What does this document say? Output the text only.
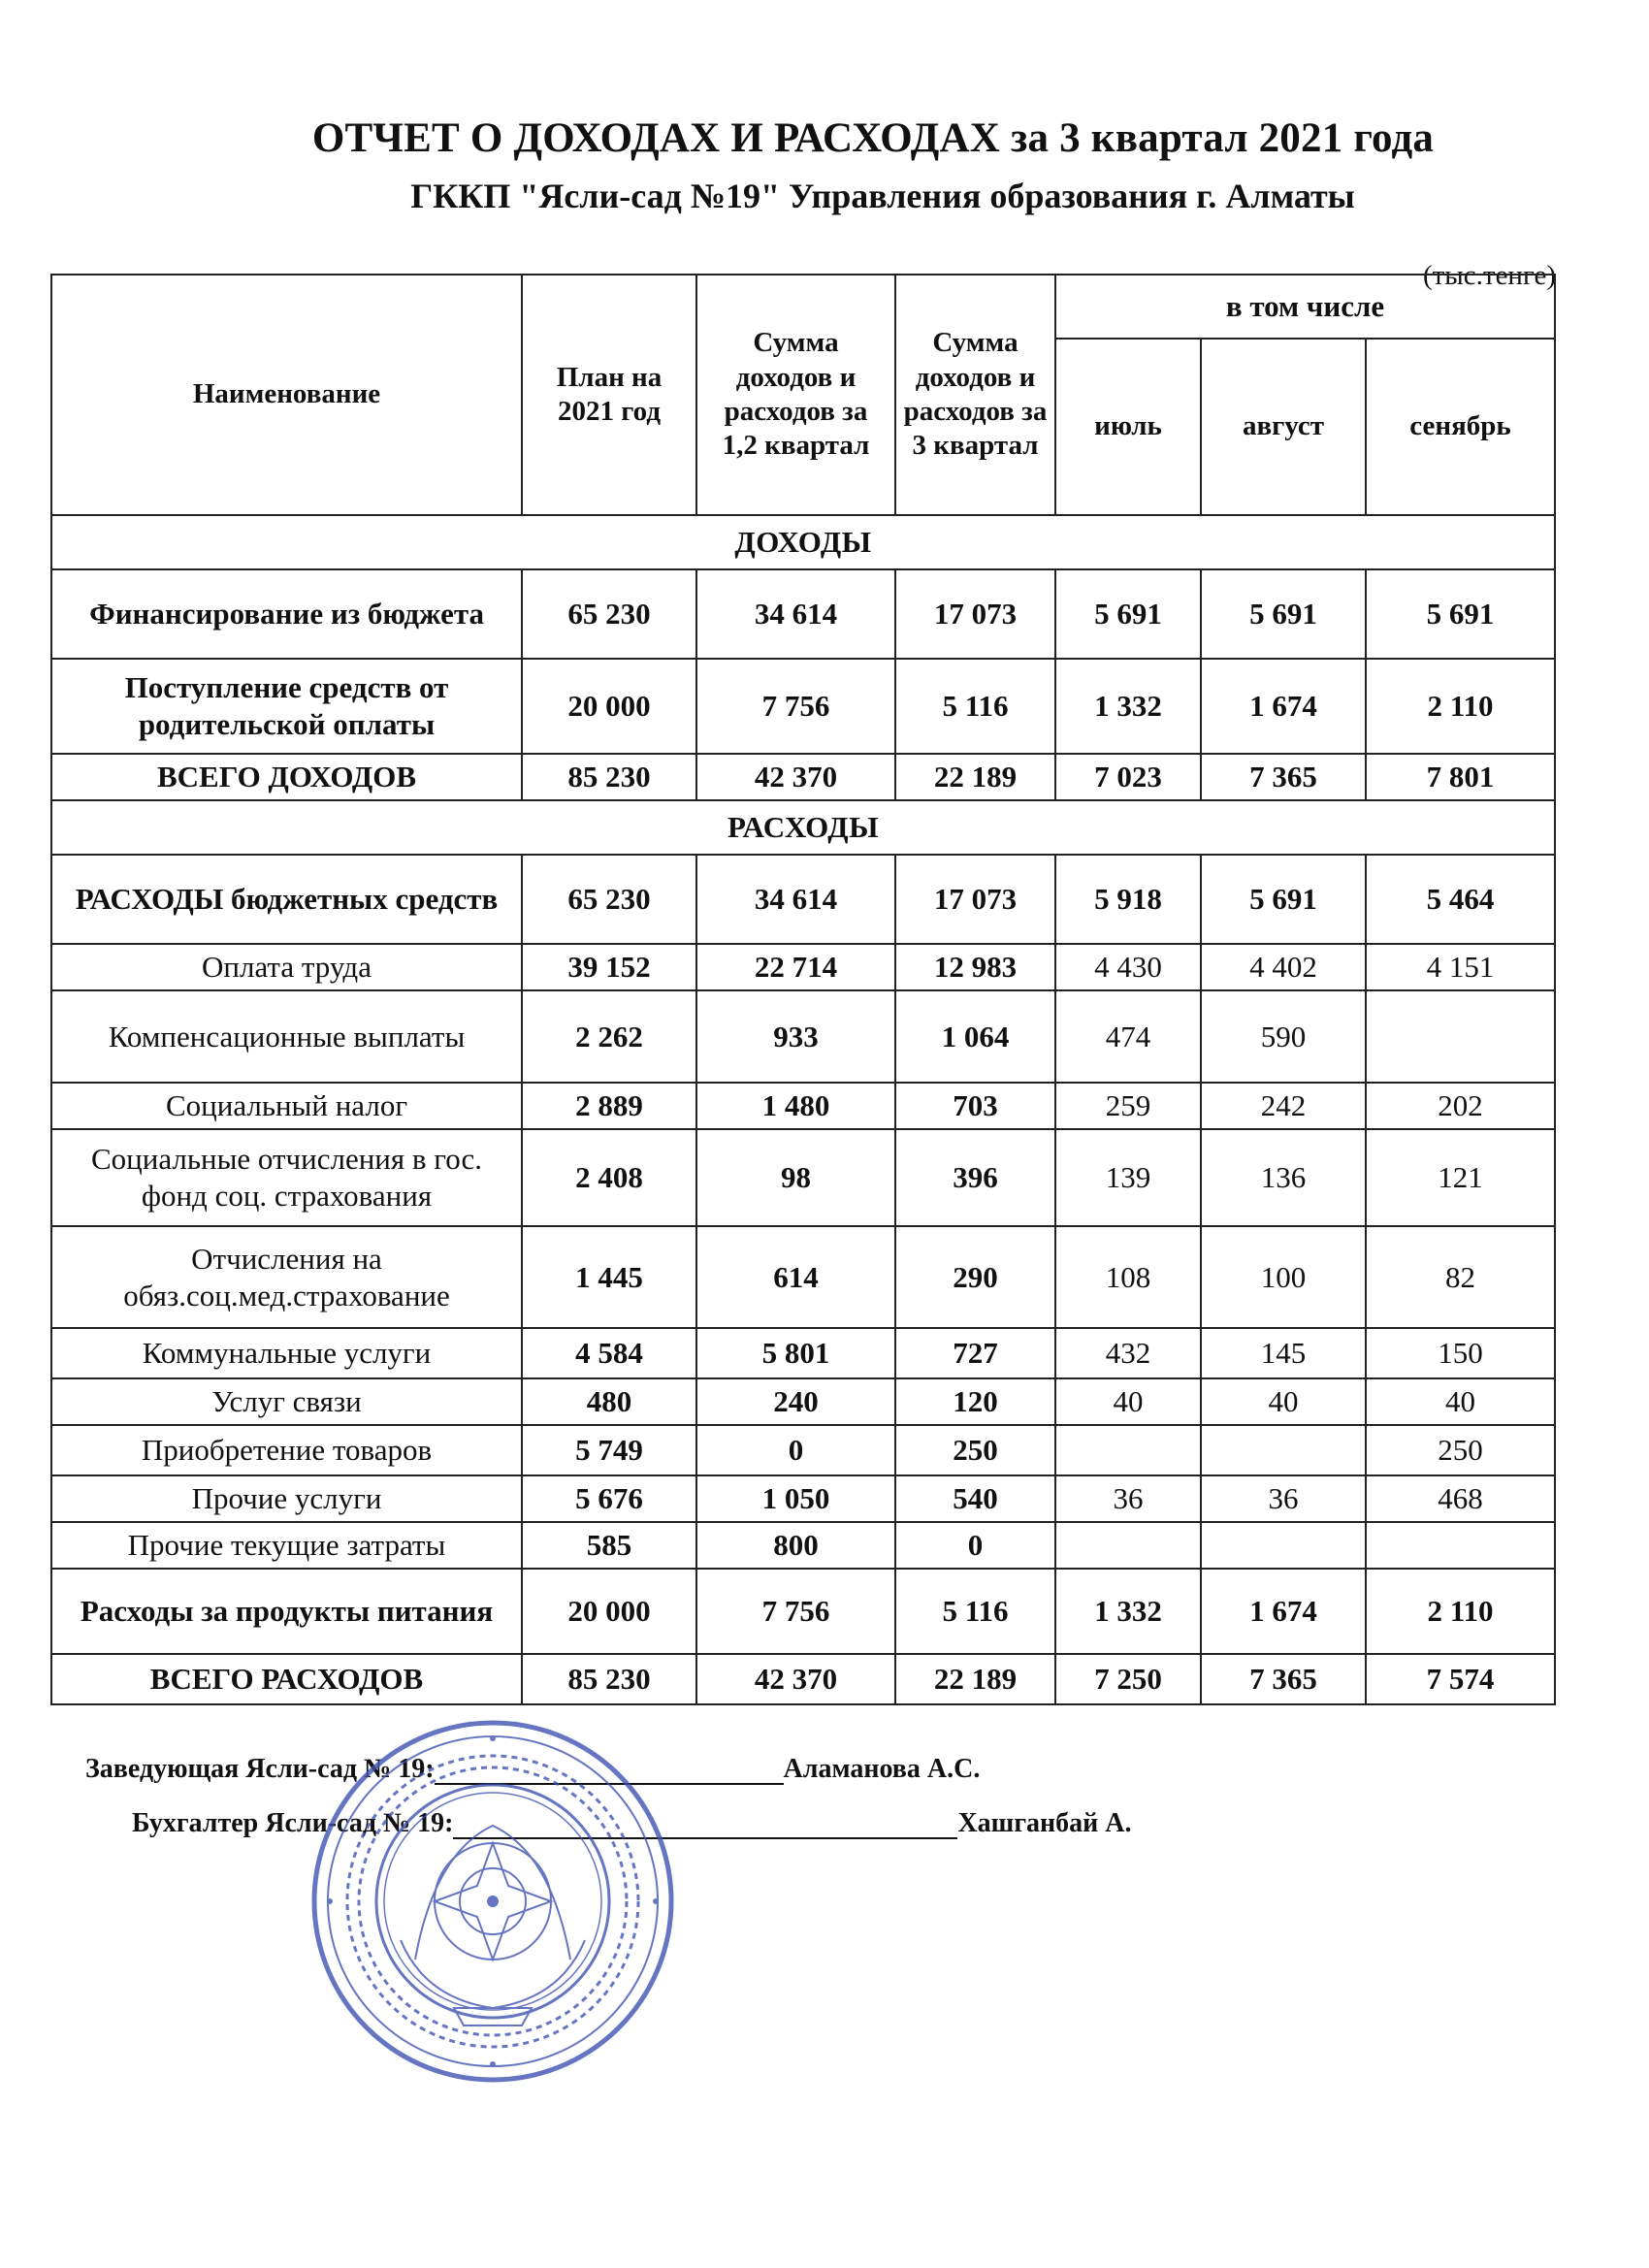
ОТЧЕТ О ДОХОДАХ И РАСХОДАХ за 3 квартал 2021 года
ГККП "Ясли-сад №19" Управления образования г. Алматы
(тыс.тенге)
Наименование	План на 2021 год	Сумма доходов и расходов за 1,2 квартал	Сумма доходов и расходов за 3 квартал	в том числе		
				июль	август	сенябрь
ДОХОДЫ						
Финансирование из бюджета	65 230	34 614	17 073	5 691	5 691	5 691
Поступление средств от родительской оплаты	20 000	7 756	5 116	1 332	1 674	2 110
ВСЕГО ДОХОДОВ	85 230	42 370	22 189	7 023	7 365	7 801
РАСХОДЫ						
РАСХОДЫ бюджетных средств	65 230	34 614	17 073	5 918	5 691	5 464
Оплата труда	39 152	22 714	12 983	4 430	4 402	4 151
Компенсационные выплаты	2 262	933	1 064	474	590	
Социальный налог	2 889	1 480	703	259	242	202
Социальные отчисления в гос. фонд соц. страхования	2 408	98	396	139	136	121
Отчисления на обяз.соц.мед.страхование	1 445	614	290	108	100	82
Коммунальные услуги	4 584	5 801	727	432	145	150
Услуг связи	480	240	120	40	40	40
Приобретение товаров	5 749	0	250			250
Прочие услуги	5 676	1 050	540	36	36	468
Прочие текущие затраты	585	800	0			
Расходы за продукты питания	20 000	7 756	5 116	1 332	1 674	2 110
ВСЕГО РАСХОДОВ	85 230	42 370	22 189	7 250	7 365	7 574
Заведующая Ясли-сад № 19:	Аламанова А.С.
Бухгалтер Ясли-сад № 19:	Хашганбай А.
